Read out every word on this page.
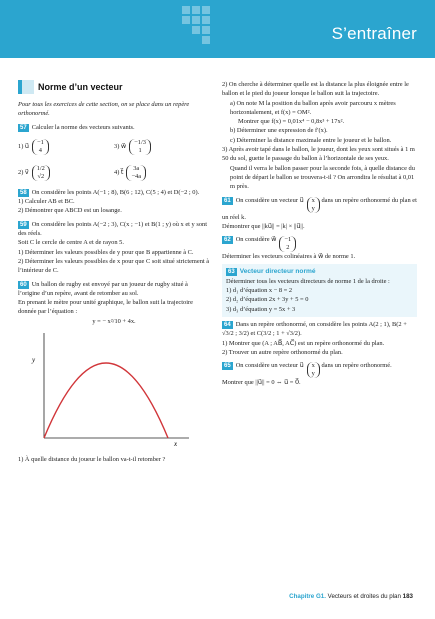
S’entraîner
Norme d’un vecteur

Pour tous les exercices de cette section, on se place dans un repère orthonormé.

57 Calculer la norme des vecteurs suivants.

1) u⃗
−1
4
3) w⃗
−1/3
1
2) v⃗
1/2
√2
4) t⃗
3a
−4a

58 On considère les points A(−1 ; 8), B(6 ; 12), C(5 ; 4) et D(−2 ; 0).

1) Calculer AB et BC.

2) Démontrer que ABCD est un losange.

59 On considère les points A(−2 ; 3), C(x ; −1) et B(1 ; y) où x et y sont des réels.

Soit C le cercle de centre A et de rayon 5.

1) Déterminer les valeurs possibles de y pour que B appartienne à C.

2) Déterminer les valeurs possibles de x pour que C soit situé strictement à l’intérieur de C.

60 Un ballon de rugby est envoyé par un joueur de rugby situé à l’origine d’un repère, avant de retomber au sol.

En prenant le mètre pour unité graphique, le ballon suit la trajectoire donnée par l’équation :

y = − x²/10 + 4x.

y
x

1) À quelle distance du joueur le ballon va-t-il retomber ?

2) On cherche à déterminer quelle est la distance la plus éloignée entre le ballon et le pied du joueur lorsque le ballon suit la trajectoire.

a) On note M la position du ballon après avoir parcouru x mètres horizontalement, et f(x) = OM².

Montrer que f(x) = 0,01x⁴ − 0,8x³ + 17x².

b) Déterminer une expression de f′(x).

c) Déterminer la distance maximale entre le joueur et le ballon.

3) Après avoir tapé dans le ballon, le joueur, dont les yeux sont situés à 1 m 50 du sol, guette le passage du ballon à l’horizontale de ses yeux.

Quand il verra le ballon passer pour la seconde fois, à quelle distance du point de départ le ballon se trouvera-t-il ? On arrondira le résultat à 0,01 m près.

61 On considère un vecteur u⃗ x
y
dans un repère orthonormé du plan et un réel k.

Démontrer que ||ku⃗|| = |k| × ||u⃗||.

62 On considère w⃗ −1
2

Déterminer les vecteurs colinéaires à w⃗ de norme 1.

63 Vecteur directeur normé

Déterminer tous les vecteurs directeurs de norme 1 de la droite :

1) d₁ d’équation x − 8 = 2

2) d₂ d’équation 2x + 3y + 5 = 0

3) d₃ d’équation y = 5x + 3

64 Dans un repère orthonormé, on considère les points A(2 ; 1), B(2 + √3/2 ; 3/2) et C(3/2 ; 1 + √3/2).

1) Montrer que (A ; AB⃗, AC⃗) est un repère orthonormé du plan.

2) Trouver un autre repère orthonormé du plan.

65 On considère un vecteur u⃗ x
y
dans un repère orthonormé.

Montrer que ||u⃗|| = 0 ⇔ u⃗ = 0⃗.

Chapitre G1. Vecteurs et droites du plan 183
